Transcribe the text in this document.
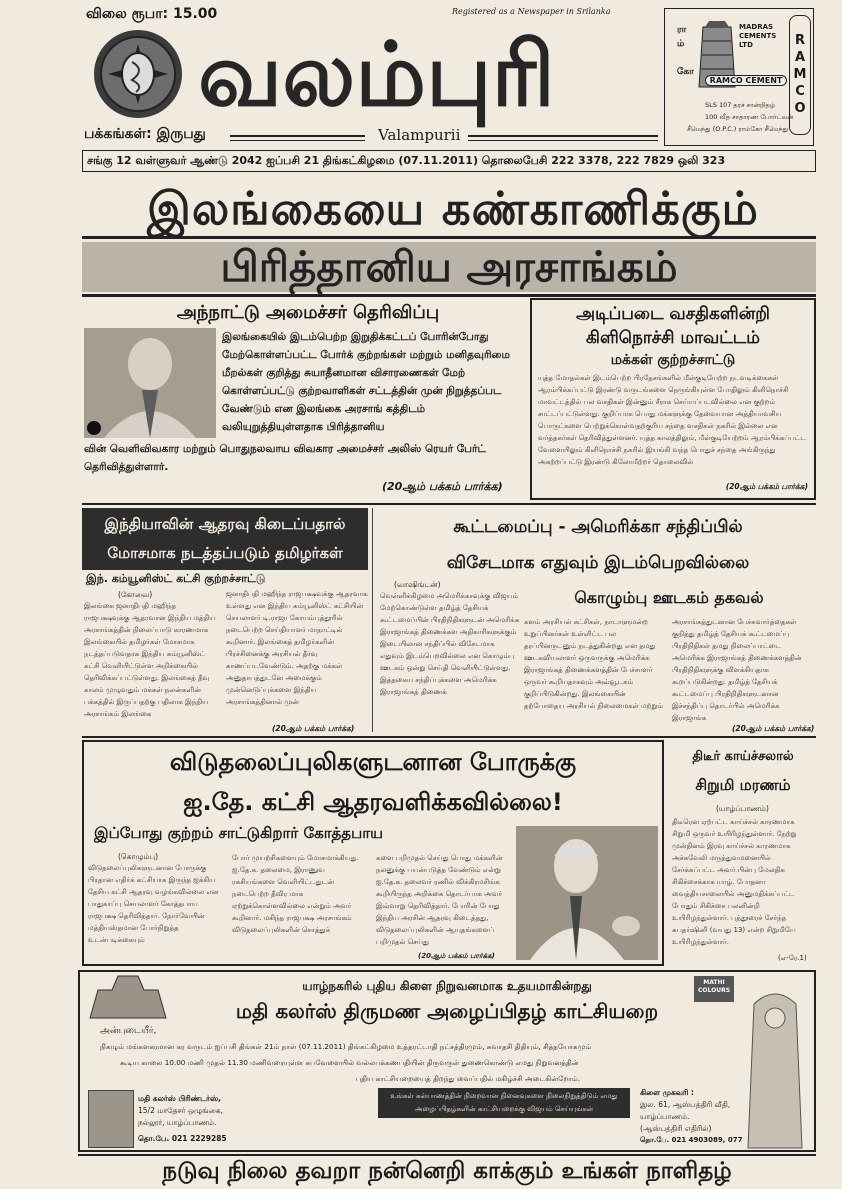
விலை ரூபா: 15.00	Registered as a Newspaper in Srilanka
வலம்புரி
பக்கங்கள்: இருபது	Valampurii
சங்கு 12 வள்ளுவர் ஆண்டு 2042 ஐப்பசி 21 திங்கட்கிழமை (07.11.2011) தொலைபேசி 222 3378, 222 7829 ஒலி 323
ரா
ம்

கோ	RAMCO
MADRAS CEMENTS LTD
RAMCO CEMENT
SLS 107 தரச் சான்றிதழ்
100 வீத சாதாரண போர்ட்லன்
சீமெந்து (O.P.C.) ராம்கோ சீமெந்து
இலங்கையை கண்காணிக்கும்
பிரித்தானிய அரசாங்கம்
அந்நாட்டு அமைச்சர் தெரிவிப்பு
இலங்கையில் இடம்பெற்ற இறுதிக்கட்டப் போரின்போது மேற்கொள்ளப்பட்ட போர்க் குற்றங்கள் மற்றும் மனிதவுரிமை மீறல்கள் குறித்து சுயாதீனமான விசாரணைகள் மேற் கொள்ளப்பட்டு குற்றவாளிகள் சட்டத்தின் முன் நிறுத்தப்பட வேண்டும் என இலங்கை அரசாங் கத்திடம் வலியுறுத்தியுள்ளதாக பிரித்தானிய
வின் வெளிவிவகார மற்றும் பொதுநலவாய விவகார அமைச்சர் அலிஸ் ரெயர் பேர்ட் தெரிவித்துள்ளார்.
(20ஆம் பக்கம் பார்க்க)
அடிப்படை வசதிகளின்றி
கிளிநொச்சி மாவட்டம்
மக்கள் குற்றச்சாட்டு
யுத்த மோதல்கள் இடம்பெற்ற பிரதேசங்களில் மீள்குடியேற்ற நடவடிக்கைகள் ஆரம்பிக்கப்பட்டு இரண்டு வருடங்களை நெருங்கியுள்ள போதிலும் கிளிநொச்சி மாவட்டத்தில் பல வசதிகள் இன்னும் சீராக செய்யப்படவில்லை என குற்றம் சாட்டப்பட்டுள்ளது. குறிப்பாக பொது மக்களுக்கு தேவையான அத்தியாவசிய பொருட்களை பெற்றுக்கொள்வதற்குரிய சந்தை வசதிகள் நகரில் இல்லை என வர்த்தகர்கள் தெரிவித்துள்ளனர். யுத்த காலத்திலும், மீள்குடியேற்றம் ஆரம்பிக்கப்பட்ட வேளையிலும் கிளிநொச்சி நகரில் இயங்கி வந்த பொதுச் சந்தை அங்கிருந்து அகற்றப்பட்டு இரண்டு கிலோமீற்றர் தொலைவில்
(20ஆம் பக்கம் பார்க்க)
இந்தியாவின் ஆதரவு கிடைப்பதால்
மோசமாக நடத்தப்படும் தமிழர்கள்
இந். கம்யூனிஸ்ட் கட்சி குற்றச்சாட்டு
(கோவை)
இலங்கை ஜனாதிபதி மஹிந்த ராஜபக்ஷவுக்கு ஆதரவான இந்திய மத்திய அரசாங்கத்தின் நிலைப்பாடு காரணமாக இலங்கையில் தமிழர்கள் மோசமாக நடத்தப்படுவதாக இந்திய கம்யூனிஸ்ட் கட்சி வெளியிட்டுள்ள அறிக்கையில் தெரிவிக்கப்பட்டுள்ளது. இலங்கைத் தீவு காலம் முழுவதும் மக்கள் நலன்களின் பக்கத்தில் இருப்பதற்கு பதிலாக இந்திய அரசாங்கம் இலங்கை
ஜனாதிபதி மஹிந்த ராஜபக்ஷவுக்கு ஆதரவாக உள்ளது என இந்திய கம்யூனிஸ்ட் கட்சியின் செயலாளர் டி.ராஜா கோயம்புத்தூரில் நடைபெற்ற செய்தியாளர் மாநாட்டில் கூறினார். இலங்கைத் தமிழர்களின் பிரச்சினைக்கு அரசியல் தீர்வு காணப்படவேண்டும். அதற்கு மக்கள் அனுதாபத்துடனே அமைக்கும் முன்னெடுப்புக்களை இந்திய அரசாங்கத்தினால் முன்
(20ஆம் பக்கம் பார்க்க)
கூட்டமைப்பு - அமெரிக்கா சந்திப்பில்
விசேடமாக எதுவும் இடம்பெறவில்லை
(வாஷிங்டன்)
வெள்ளிக்கிழமை அமெரிக்காவுக்கு விஜயம் மேற்கொண்டுள்ள தமிழ்த் தேசியக் கூட்டமைப்பின் பிரதிநிதிகளுடன் அமெரிக்க இராஜாங்கத் திணைக்கள அதிகாரிகளுக்கும் இடையிலான சந்திப்பில் விசேடமாக எதுவும் இடம்பெறவில்லை என கொழும்பு ஊடகம் ஒன்று செய்தி வெளியிட்டுள்ளது. இத்தகைய சந்திப்புக்களை அமெரிக்க இராஜாங்கத் திணைக்
கொழும்பு ஊடகம் தகவல்
களம் அரசியல் கட்சிகள், நாடாளுமன்ற உறுப்பினர்கள் உள்ளிட்ட பல தரப்பினருடனும் நடத்துகின்றது என தமது ஊடகவியலாளர் ஒருவருக்கு அமெரிக்க இராஜாங்கத் திணைக்களத்தின் பேச்சாளர் ஒருவர் கூறியதாகவும் அவ்வூடகம் குறிப்பிடுகின்றது. இலங்கையின் தற்போதைய அரசியல் நிலைமைகள் மற்றும்
அரசாங்கத்துடனான பேச்சுவார்த்தைகள் குறித்து தமிழ்த் தேசியக் கூட்டமைப்பு பிரதிநிதிகள் தமது நிலைப்பாட்டை அமெரிக்க இராஜாங்கத் திணைக்களத்தின் பிரதிநிதிகளுக்கு விளக்கியதாக கூறப்படுகின்றது. தமிழ்த் தேசியக் கூட்டமைப்பு பிரதிநிதிகளுடனான இச்சந்திப்பு தொடர்பில் அமெரிக்க இராஜாங்க
(20ஆம் பக்கம் பார்க்க)
விடுதலைப்புலிகளுடனான போருக்கு
ஐ.தே. கட்சி ஆதரவளிக்கவில்லை!
இப்போது குற்றம் சாட்டுகிறார் கோத்தபாய
(கொழும்பு)
விடுதலைப்புலிகளுடனான போருக்கு பிரதான எதிர்க் கட்சியாக இருந்த ஐக்கிய தேசிய கட்சி ஆதரவு வழங்கவில்லை என பாதுகாப்பு செயலாளர் கோத்தபாய ராஜபக்ஷ தெரிவித்தார். நோர்வேயின் மத்தியஸ்தமான போர்நிறுத்த உடன்படிக்கையும்
போர் முயற்சிகளையும் மோசமாக்கியது. ஐ.தே.க. தலைமை, இராணுவ ரகசியங்களை வெளியிட்டதுடன் நடைபெற்ற தீவிர மாக ஏற்றுக்கொள்ளவில்லை என்றும் அவர் கூறினார். மகிந்த ராஜபக்ஷ அரசாங்கம் விடுதலைப்புலிகளின் சொத்துக்
களை பறிமுதல் செய்து பொது மக்களின் நலனுக்கு பயன்படுத்த வேண்டும் என்று ஐ.தே.க. தலைவர் ரணில் விக்கிரமசிங்க கூறியிருந்த அறிக்கை தொடர்பாக அவர் இவ்வாறு தெரிவித்தார். போரின் போது இந்திய அரசின் ஆதரவு கிடைத்தது, விடுதலைப்புலிகளின் ஆயுதங்களைப் பறிமுதல் செய்து
(20ஆம் பக்கம் பார்க்க)
திடீர் காய்ச்சலால்
சிறுமி மரணம்
(யாழ்ப்பாணம்)
திடீரென ஏற்பட்ட காய்ச்சல் காரணமாக சிறுமி ஒருவர் உயிரிழந்துள்ளார். நேற்று முன்தினம் இரவு காய்ச்சல் காரணமாக அச்சுவேலி மருத்துவமனையில் சேர்க்கப்பட்ட அவர் பின்பு மேலதிக சிகிச்சைக்காக யாழ். போதனா வைத்தியசாலையில் அனுமதிக்கப்பட்ட போதும் சிகிச்சை பலனின்றி உயிரிழந்துள்ளார். புத்தூரைச் சேர்ந்த சுபதர்ஷினி (வயது 13) என்ற சிறுமியே உயிரிழந்துள்ளார்.
(எ-ரே.1)
யாழ்நகரில் புதிய கிளை நிறுவனமாக உதயமாகின்றது
மதி கலர்ஸ் திருமண அழைப்பிதழ் காட்சியறை
MATHI COLOURS
அன்புடையீர்,
நிகழும் மங்களகரமான கர வருடம் ஐப்பசி திங்கள் 21ம் நாள் (07.11.2011) திங்கட்கிழமை உத்தரட்டாதி நட்சத்திரமும், சுவாதசி திதியும், சித்தயோகமும்
கூடிய காலை 10.00 மணி முதல் 11.30 மணிவரையுள்ள சுபவேளையில் வல்லபக்கணபதியின் திருவருள் துணைகொண்டு எமது நிறுவனத்தின்
புதிய காட்சியறையைத் திறந்து வைப்பதில் மகிழ்ச்சி அடைகின்றோம்.
மதி கலர்ஸ் பிரிண்டர்ஸ்,
15/2 மாதேசர் ஒழுங்கை,
நல்லூர், யாழ்ப்பாணம்.
தொ.பே. 021 2229285
உங்கள் கல்யாணத்தின் நிறைவான நினைவுகளை நிலைநிறுத்திடும் எமது அழைப்பிதழ்களின் காட்சியறைக்கு விஜயம் செய்யுங்கள்
கிளை முகவரி :
இல. 61, ஆஸ்பத்திரி வீதி,
யாழ்ப்பாணம்.
(ஆஸ்பத்திரி எதிரில்)
தொ.பே. 021 4903089, 077
நடுவு நிலை தவறா நன்னெறி காக்கும் உங்கள் நாளிதழ்
